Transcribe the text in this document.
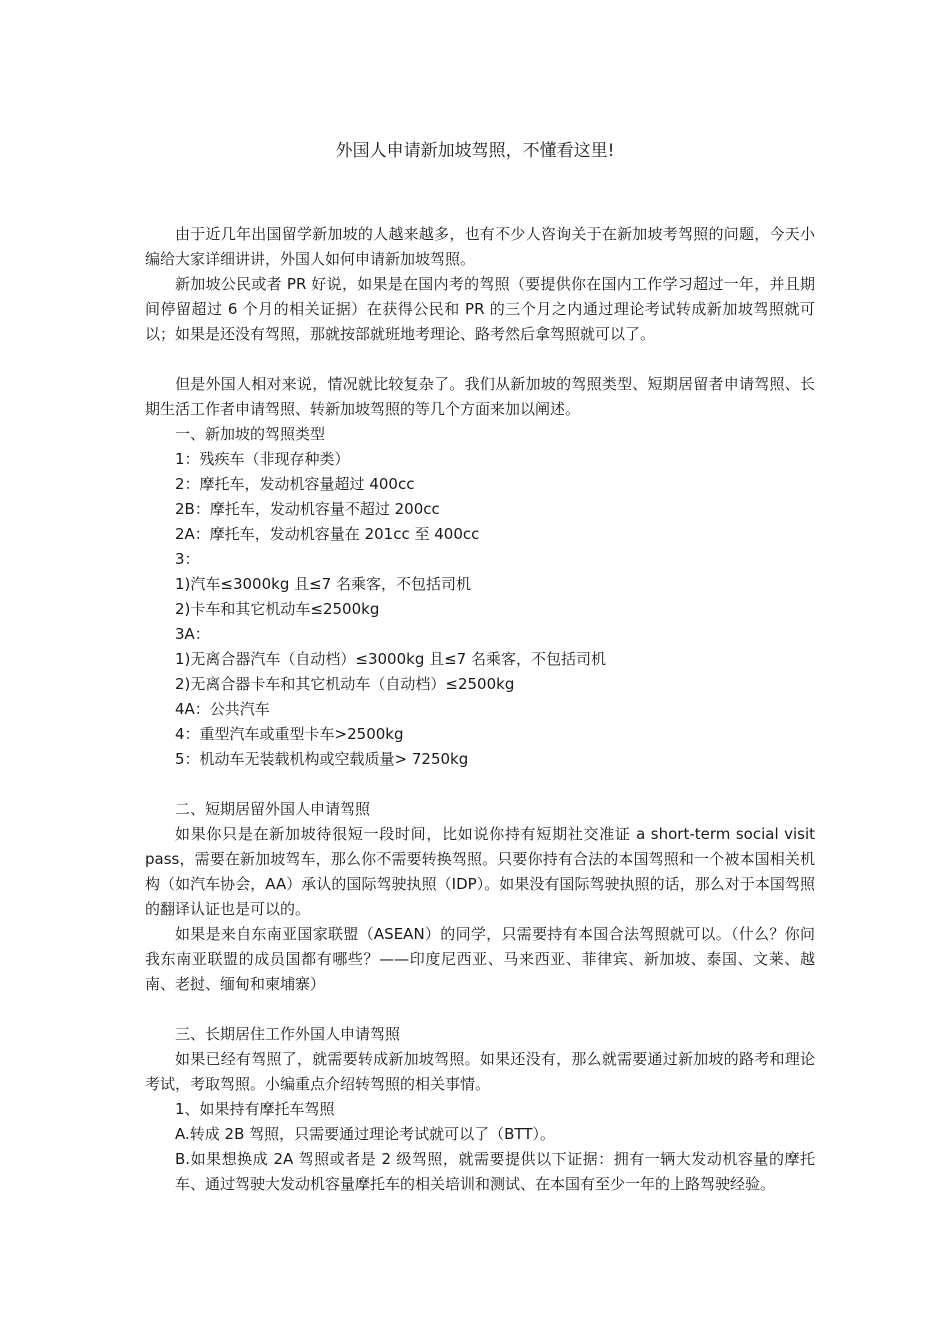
外国人申请新加坡驾照，不懂看这里!

由于近几年出国留学新加坡的人越来越多，也有不少人咨询关于在新加坡考驾照的问题，今天小编给大家详细讲讲，外国人如何申请新加坡驾照。

新加坡公民或者 PR 好说，如果是在国内考的驾照（要提供你在国内工作学习超过一年，并且期间停留超过 6 个月的相关证据）在获得公民和 PR 的三个月之内通过理论考试转成新加坡驾照就可以；如果是还没有驾照，那就按部就班地考理论、路考然后拿驾照就可以了。

但是外国人相对来说，情况就比较复杂了。我们从新加坡的驾照类型、短期居留者申请驾照、长期生活工作者申请驾照、转新加坡驾照的等几个方面来加以阐述。

一、新加坡的驾照类型

1：残疾车（非现存种类）

2：摩托车，发动机容量超过 400cc

2B：摩托车，发动机容量不超过 200cc

2A：摩托车，发动机容量在 201cc 至 400cc

3：

1)汽车≤3000kg 且≤7 名乘客，不包括司机

2)卡车和其它机动车≤2500kg

3A：

1)无离合器汽车（自动档）≤3000kg 且≤7 名乘客，不包括司机

2)无离合器卡车和其它机动车（自动档）≤2500kg

4A：公共汽车

4：重型汽车或重型卡车>2500kg

5：机动车无装载机构或空载质量> 7250kg

二、短期居留外国人申请驾照

如果你只是在新加坡待很短一段时间，比如说你持有短期社交准证 a short-term social visit pass，需要在新加坡驾车，那么你不需要转换驾照。只要你持有合法的本国驾照和一个被本国相关机构（如汽车协会，AA）承认的国际驾驶执照（IDP）。如果没有国际驾驶执照的话，那么对于本国驾照的翻译认证也是可以的。

如果是来自东南亚国家联盟（ASEAN）的同学，只需要持有本国合法驾照就可以。（什么？你问我东南亚联盟的成员国都有哪些？——印度尼西亚、马来西亚、菲律宾、新加坡、泰国、文莱、越南、老挝、缅甸和柬埔寨）

三、长期居住工作外国人申请驾照

如果已经有驾照了，就需要转成新加坡驾照。如果还没有，那么就需要通过新加坡的路考和理论考试，考取驾照。小编重点介绍转驾照的相关事情。

1、如果持有摩托车驾照

A.转成 2B 驾照，只需要通过理论考试就可以了（BTT）。

B.如果想换成 2A 驾照或者是 2 级驾照，就需要提供以下证据：拥有一辆大发动机容量的摩托车、通过驾驶大发动机容量摩托车的相关培训和测试、在本国有至少一年的上路驾驶经验。
